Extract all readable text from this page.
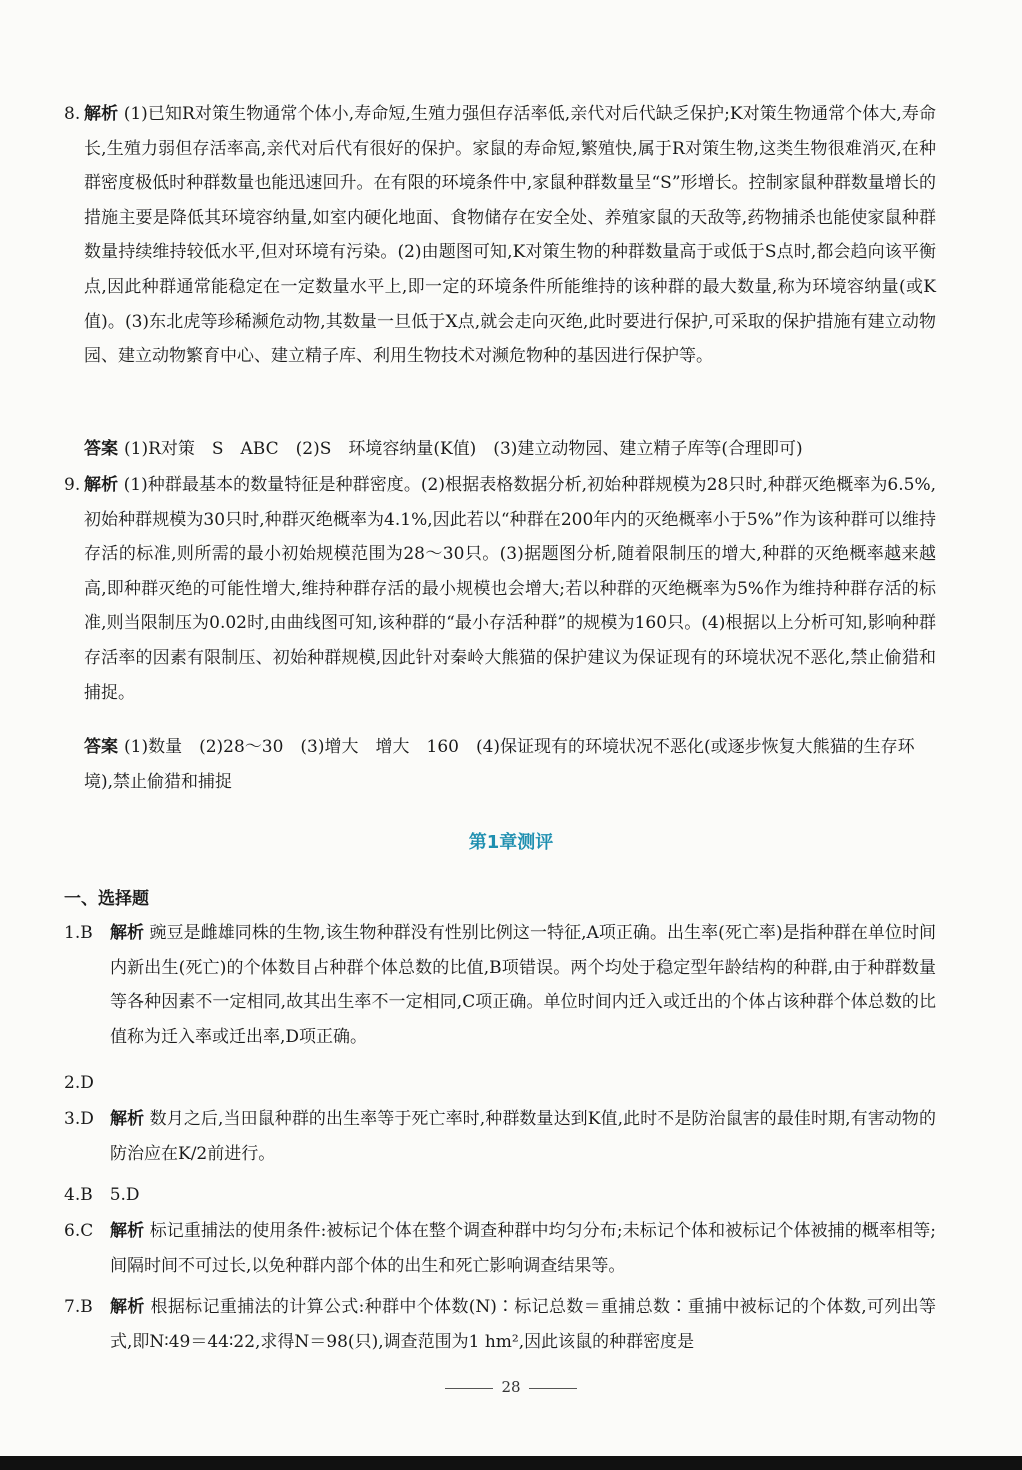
8. 解析 (1)已知R对策生物通常个体小,寿命短,生殖力强但存活率低,亲代对后代缺乏保护;K对策生物通常个体大,寿命长,生殖力弱但存活率高,亲代对后代有很好的保护。家鼠的寿命短,繁殖快,属于R对策生物,这类生物很难消灭,在种群密度极低时种群数量也能迅速回升。在有限的环境条件中,家鼠种群数量呈“S”形增长。控制家鼠种群数量增长的措施主要是降低其环境容纳量,如室内硬化地面、食物储存在安全处、养殖家鼠的天敌等,药物捕杀也能使家鼠种群数量持续维持较低水平,但对环境有污染。(2)由题图可知,K对策生物的种群数量高于或低于S点时,都会趋向该平衡点,因此种群通常能稳定在一定数量水平上,即一定的环境条件所能维持的该种群的最大数量,称为环境容纳量(或K值)。(3)东北虎等珍稀濒危动物,其数量一旦低于X点,就会走向灭绝,此时要进行保护,可采取的保护措施有建立动物园、建立动物繁育中心、建立精子库、利用生物技术对濒危物种的基因进行保护等。
答案 (1)R对策　S　ABC　(2)S　环境容纳量(K值)　(3)建立动物园、建立精子库等(合理即可)
9. 解析 (1)种群最基本的数量特征是种群密度。(2)根据表格数据分析,初始种群规模为28只时,种群灭绝概率为6.5%,初始种群规模为30只时,种群灭绝概率为4.1%,因此若以“种群在200年内的灭绝概率小于5%”作为该种群可以维持存活的标准,则所需的最小初始规模范围为28～30只。(3)据题图分析,随着限制压的增大,种群的灭绝概率越来越高,即种群灭绝的可能性增大,维持种群存活的最小规模也会增大;若以种群的灭绝概率为5%作为维持种群存活的标准,则当限制压为0.02时,由曲线图可知,该种群的“最小存活种群”的规模为160只。(4)根据以上分析可知,影响种群存活率的因素有限制压、初始种群规模,因此针对秦岭大熊猫的保护建议为保证现有的环境状况不恶化,禁止偷猎和捕捉。
答案 (1)数量　(2)28～30　(3)增大　增大　160　(4)保证现有的环境状况不恶化(或逐步恢复大熊猫的生存环境),禁止偷猎和捕捉
第1章测评
一、选择题
1.B 解析 豌豆是雌雄同株的生物,该生物种群没有性别比例这一特征,A项正确。出生率(死亡率)是指种群在单位时间内新出生(死亡)的个体数目占种群个体总数的比值,B项错误。两个均处于稳定型年龄结构的种群,由于种群数量等各种因素不一定相同,故其出生率不一定相同,C项正确。单位时间内迁入或迁出的个体占该种群个体总数的比值称为迁入率或迁出率,D项正确。
2.D
3.D 解析 数月之后,当田鼠种群的出生率等于死亡率时,种群数量达到K值,此时不是防治鼠害的最佳时期,有害动物的防治应在K/2前进行。
4.B　5.D
6.C 解析 标记重捕法的使用条件:被标记个体在整个调查种群中均匀分布;未标记个体和被标记个体被捕的概率相等;间隔时间不可过长,以免种群内部个体的出生和死亡影响调查结果等。
7.B 解析 根据标记重捕法的计算公式:种群中个体数(N)∶标记总数＝重捕总数∶重捕中被标记的个体数,可列出等式,即N∶49＝44∶22,求得N＝98(只),调查范围为1 hm²,因此该鼠的种群密度是
28
